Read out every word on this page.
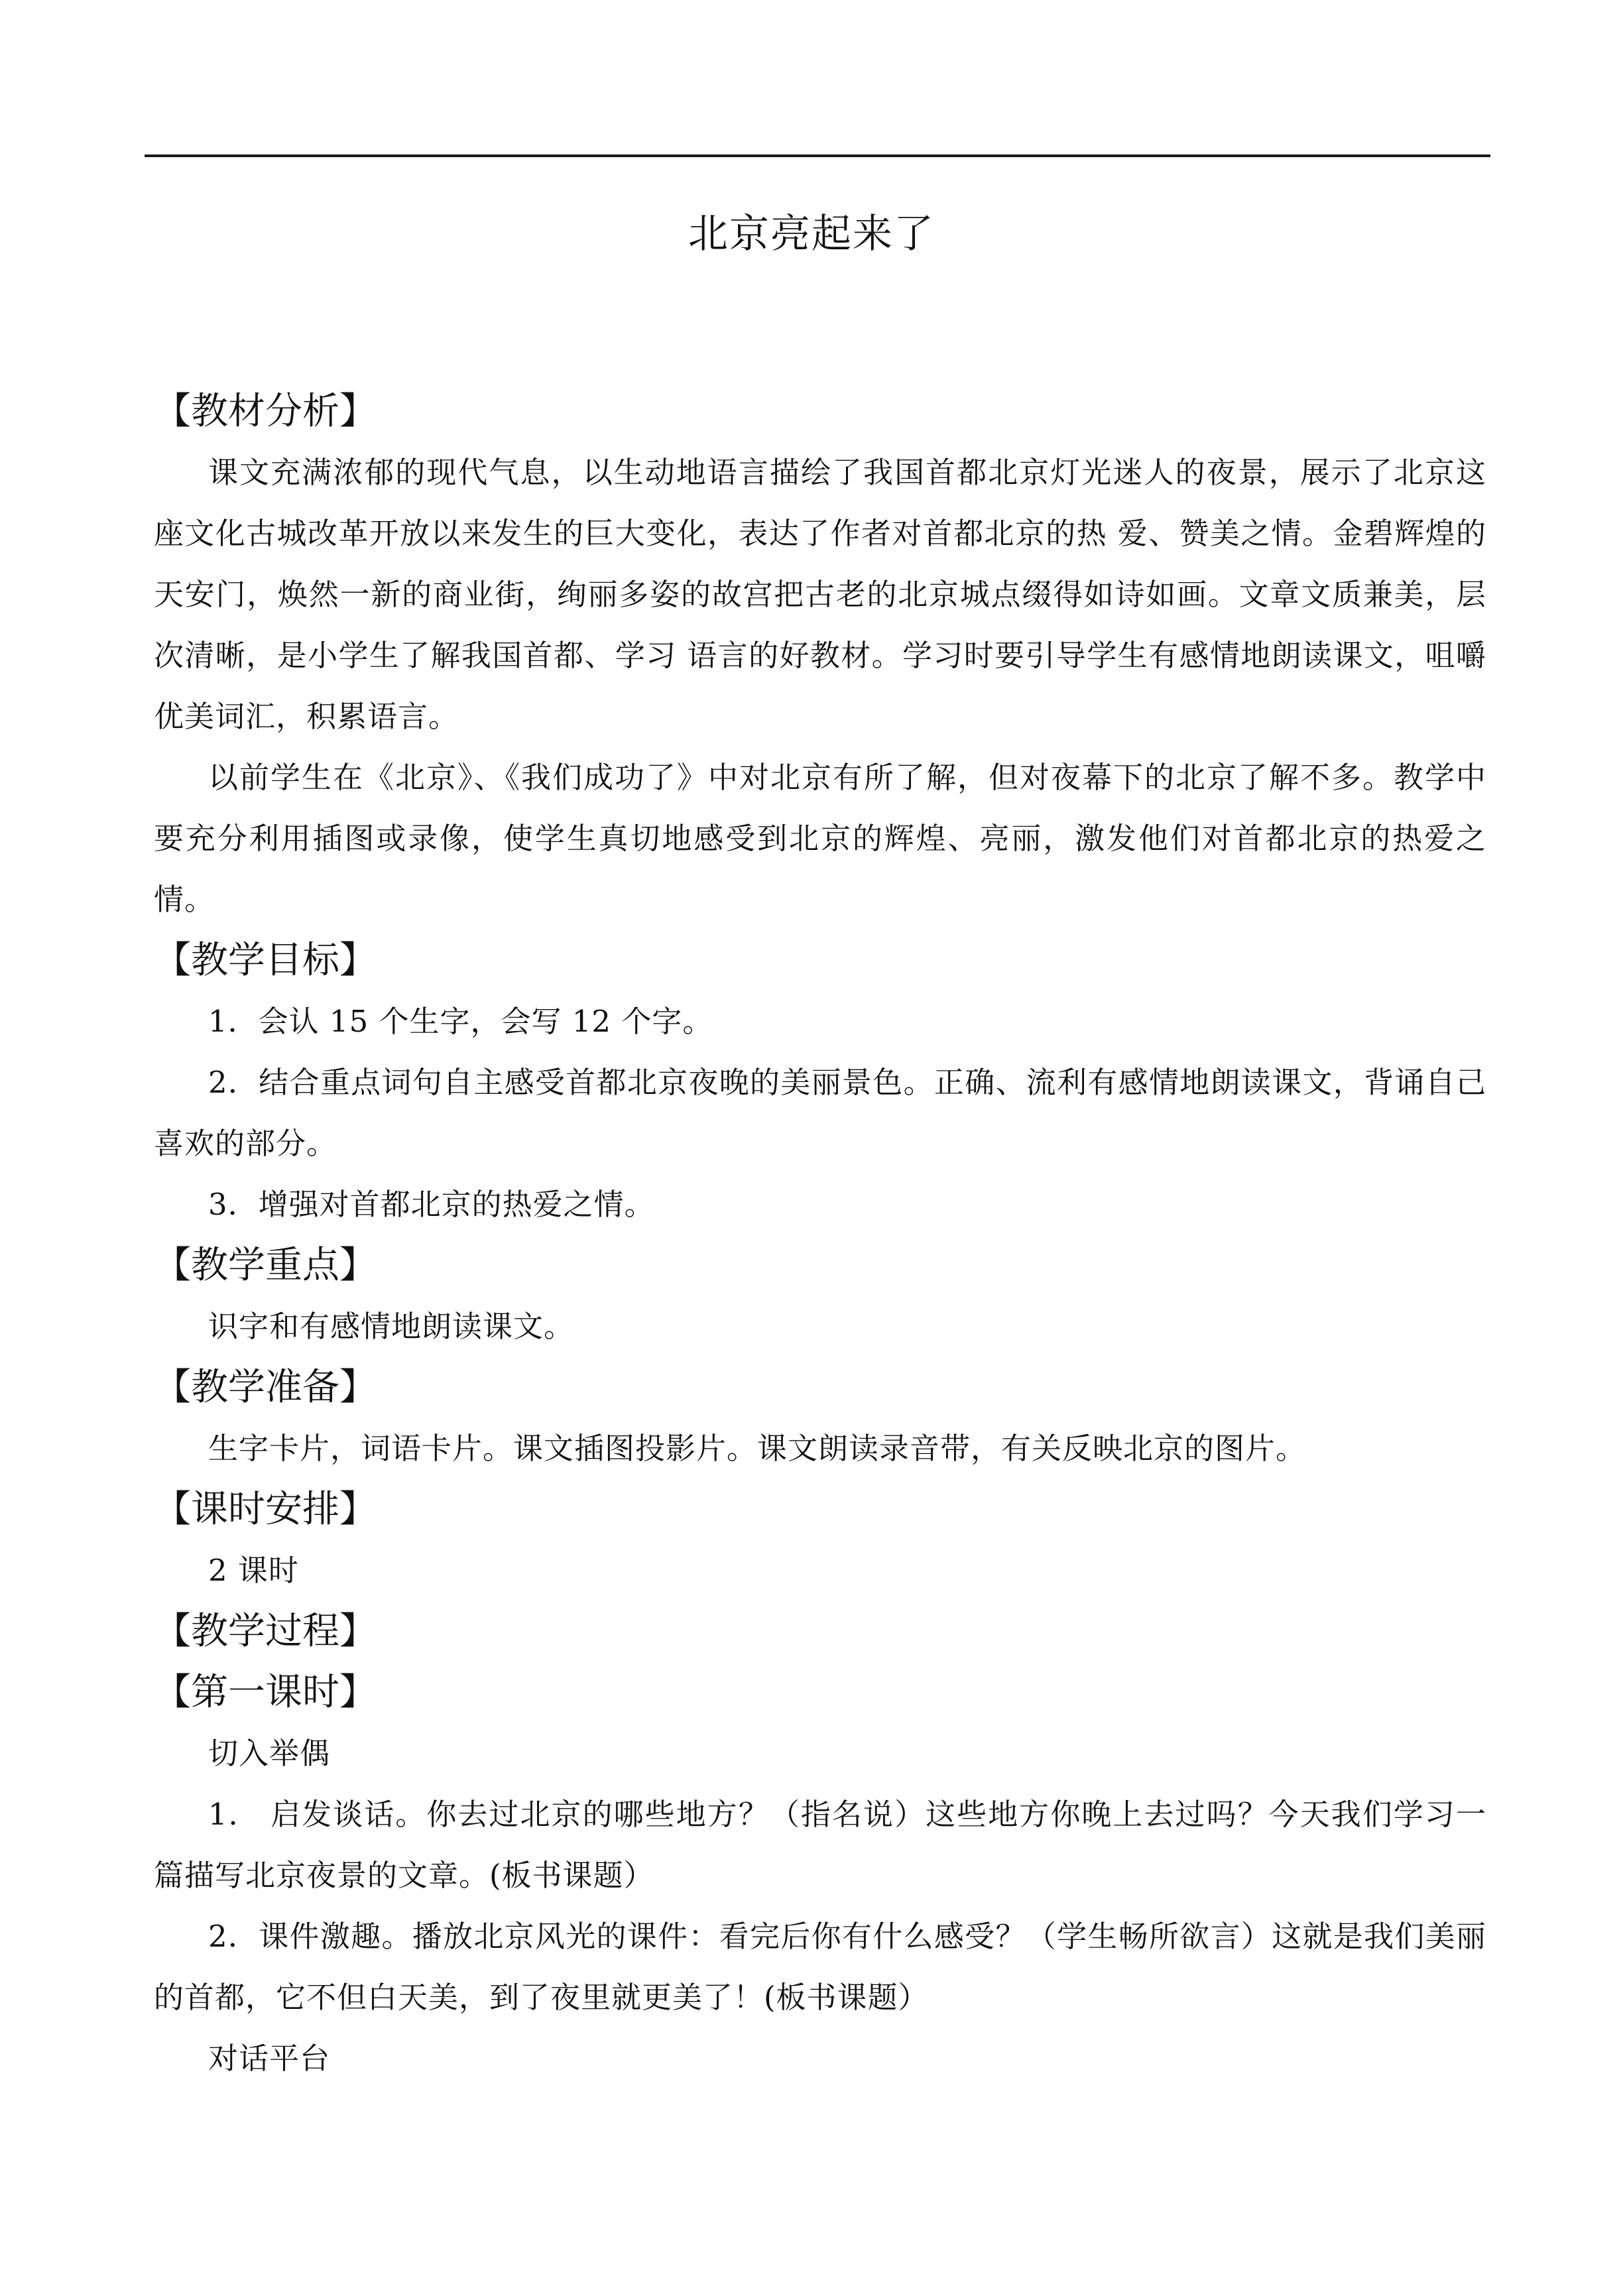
北京亮起来了

【教材分析】

课文充满浓郁的现代气息，以生动地语言描绘了我国首都北京灯光迷人的夜景，展示了北京这座文化古城改革开放以来发生的巨大变化，表达了作者对首都北京的热 爱、赞美之情。金碧辉煌的天安门，焕然一新的商业街，绚丽多姿的故宫把古老的北京城点缀得如诗如画。文章文质兼美，层次清晰，是小学生了解我国首都、学习 语言的好教材。学习时要引导学生有感情地朗读课文，咀嚼优美词汇，积累语言。

以前学生在《北京》、《我们成功了》中对北京有所了解，但对夜幕下的北京了解不多。教学中要充分利用插图或录像，使学生真切地感受到北京的辉煌、亮丽，激发他们对首都北京的热爱之情。

【教学目标】

1．会认 15 个生字，会写 12 个字。

2．结合重点词句自主感受首都北京夜晚的美丽景色。正确、流利有感情地朗读课文，背诵自己喜欢的部分。

3．增强对首都北京的热爱之情。

【教学重点】

识字和有感情地朗读课文。

【教学准备】

生字卡片，词语卡片。课文插图投影片。课文朗读录音带，有关反映北京的图片。

【课时安排】

2 课时

【教学过程】

【第一课时】

切入举偶

1． 启发谈话。你去过北京的哪些地方？（指名说）这些地方你晚上去过吗？今天我们学习一篇描写北京夜景的文章。(板书课题）

2．课件激趣。播放北京风光的课件：看完后你有什么感受？（学生畅所欲言）这就是我们美丽的首都，它不但白天美，到了夜里就更美了！(板书课题）

对话平台
